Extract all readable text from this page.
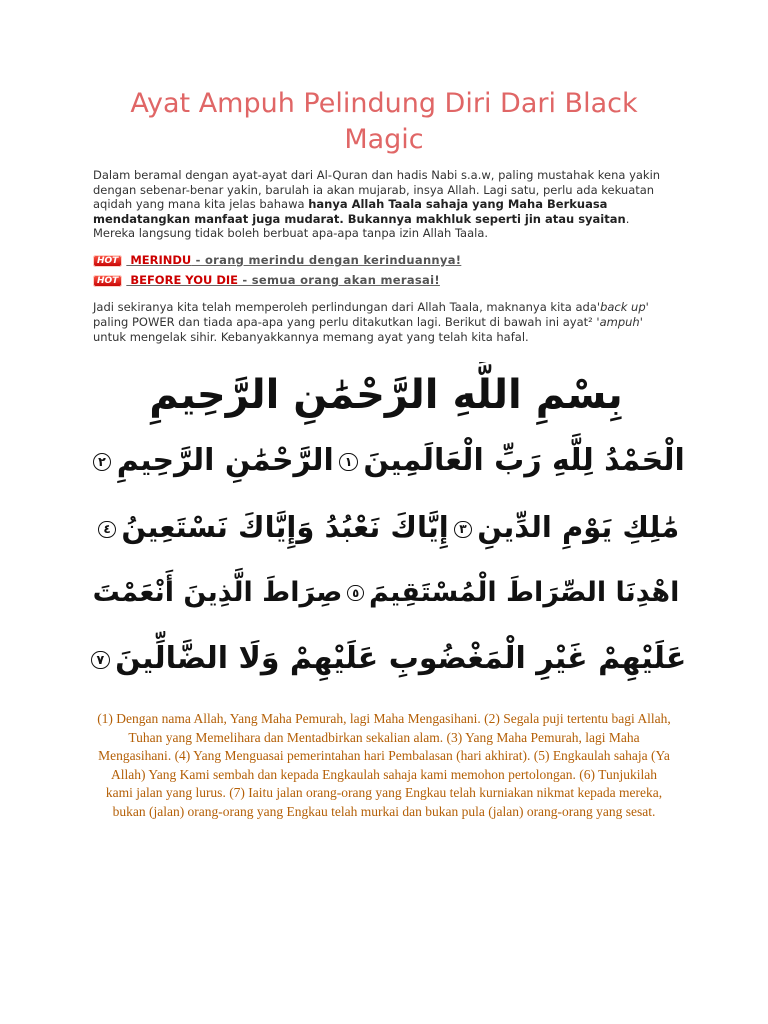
Ayat Ampuh Pelindung Diri Dari Black Magic

Dalam beramal dengan ayat-ayat dari Al-Quran dan hadis Nabi s.a.w, paling mustahak kena yakin dengan sebenar-benar yakin, barulah ia akan mujarab, insya Allah. Lagi satu, perlu ada kekuatan aqidah yang mana kita jelas bahawa hanya Allah Taala sahaja yang Maha Berkuasa mendatangkan manfaat juga mudarat. Bukannya makhluk seperti jin atau syaitan. Mereka langsung tidak boleh berbuat apa-apa tanpa izin Allah Taala.

HOT MERINDU - orang merindu dengan kerinduannya!
HOT BEFORE YOU DIE - semua orang akan merasai!

Jadi sekiranya kita telah memperoleh perlindungan dari Allah Taala, maknanya kita ada'back up' paling POWER dan tiada apa-apa yang perlu ditakutkan lagi. Berikut di bawah ini ayat² 'ampuh' untuk mengelak sihir. Kebanyakkannya memang ayat yang telah kita hafal.

بِسْمِ اللَّهِ الرَّحْمَٰنِ الرَّحِيمِ
الْحَمْدُ لِلَّهِ رَبِّ الْعَالَمِينَ١الرَّحْمَٰنِ الرَّحِيمِ٢
مَٰلِكِ يَوْمِ الدِّينِ٣إِيَّاكَ نَعْبُدُ وَإِيَّاكَ نَسْتَعِينُ٤
اهْدِنَا الصِّرَاطَ الْمُسْتَقِيمَ٥صِرَاطَ الَّذِينَ أَنْعَمْتَ
عَلَيْهِمْ غَيْرِ الْمَغْضُوبِ عَلَيْهِمْ وَلَا الضَّالِّينَ٧

(1) Dengan nama Allah, Yang Maha Pemurah, lagi Maha Mengasihani. (2) Segala puji tertentu bagi Allah, Tuhan yang Memelihara dan Mentadbirkan sekalian alam. (3) Yang Maha Pemurah, lagi Maha Mengasihani. (4) Yang Menguasai pemerintahan hari Pembalasan (hari akhirat). (5) Engkaulah sahaja (Ya Allah) Yang Kami sembah dan kepada Engkaulah sahaja kami memohon pertolongan. (6) Tunjukilah kami jalan yang lurus. (7) Iaitu jalan orang-orang yang Engkau telah kurniakan nikmat kepada mereka, bukan (jalan) orang-orang yang Engkau telah murkai dan bukan pula (jalan) orang-orang yang sesat.
